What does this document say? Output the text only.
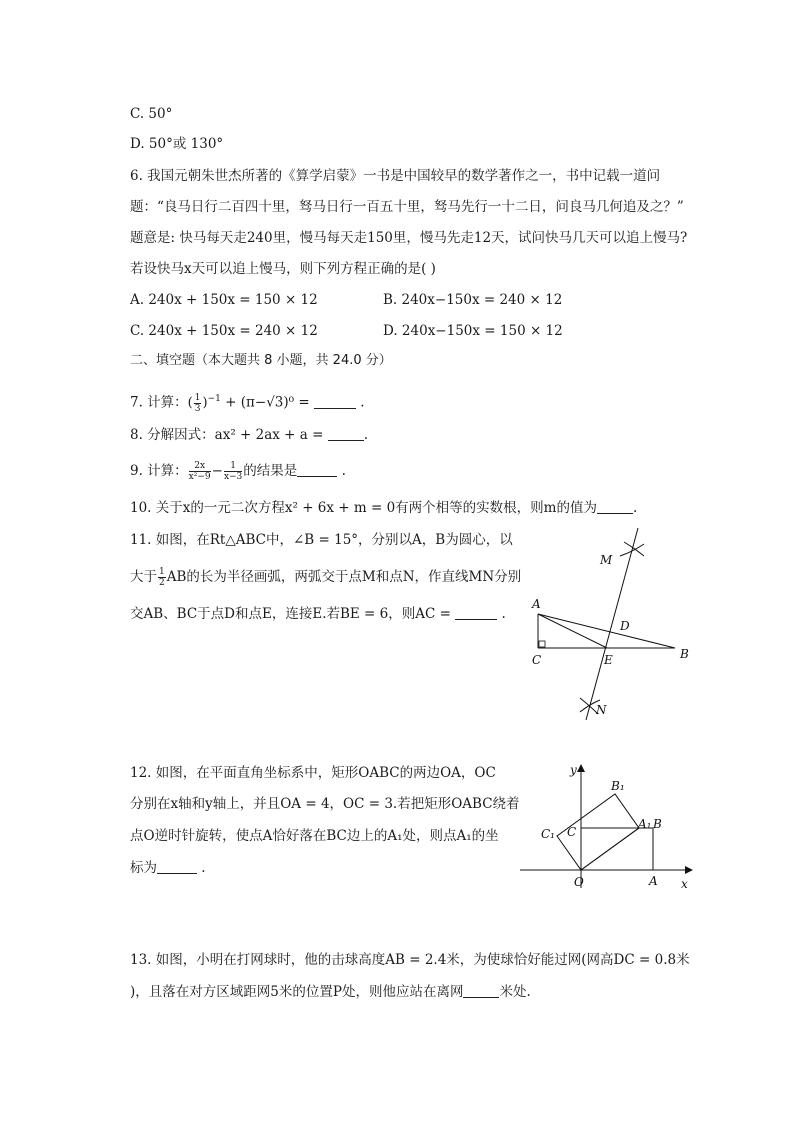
C. 50°
D. 50°或 130°
6. 我国元朝朱世杰所著的《算学启蒙》一书是中国较早的数学著作之一，书中记载一道问
题：“良马日行二百四十里，驽马日行一百五十里，驽马先行一十二日，问良马几何追及之？”
题意是: 快马每天走240里，慢马每天走150里，慢马先走12天，试问快马几天可以追上慢马?
若设快马x天可以追上慢马，则下列方程正确的是( )
A. 240x + 150x = 150 × 12	B. 240x−150x = 240 × 12
C. 240x + 150x = 240 × 12	D. 240x−150x = 150 × 12
二、填空题（本大题共 8 小题，共 24.0 分）
7. 计算：( $\frac{1}{3} )^{-1} + (\pi-√3)^0$ =	.
8. 分解因式：ax² + 2ax + a =	.
9. 计算： $\frac{2x}{\text{x²−9}} - \frac{1}{x-3}$ 的结果是	.
10. 关于x的一元二次方程x² + 6x + m = 0有两个相等的实数根，则m的值为	.
11. 如图，在Rt△ABC中，∠B = 15°，分别以A，B为圆心，以
大于 $\frac{1}{2}$ AB的长为半径画弧，两弧交于点M和点N，作直线MN分别
交AB、BC于点D和点E，连接E.若BE = 6，则AC =	.
M
A
D
C	E	B
N
12. 如图，在平面直角坐标系中，矩形OABC的两边OA，OC
分别在x轴和y轴上，并且OA = 4，OC = 3.若把矩形OABC绕着
点O逆时针旋转，使点A恰好落在BC边上的A₁处，则点A₁的坐
标为	.
O	A x
y
C
C₁
B₁
A₁ B
13. 如图，小明在打网球时，他的击球高度AB = 2.4米，为使球恰好能过网(网高DC = 0.8米
)，且落在对方区域距网5米的位置P处，则他应站在离网	米处.
